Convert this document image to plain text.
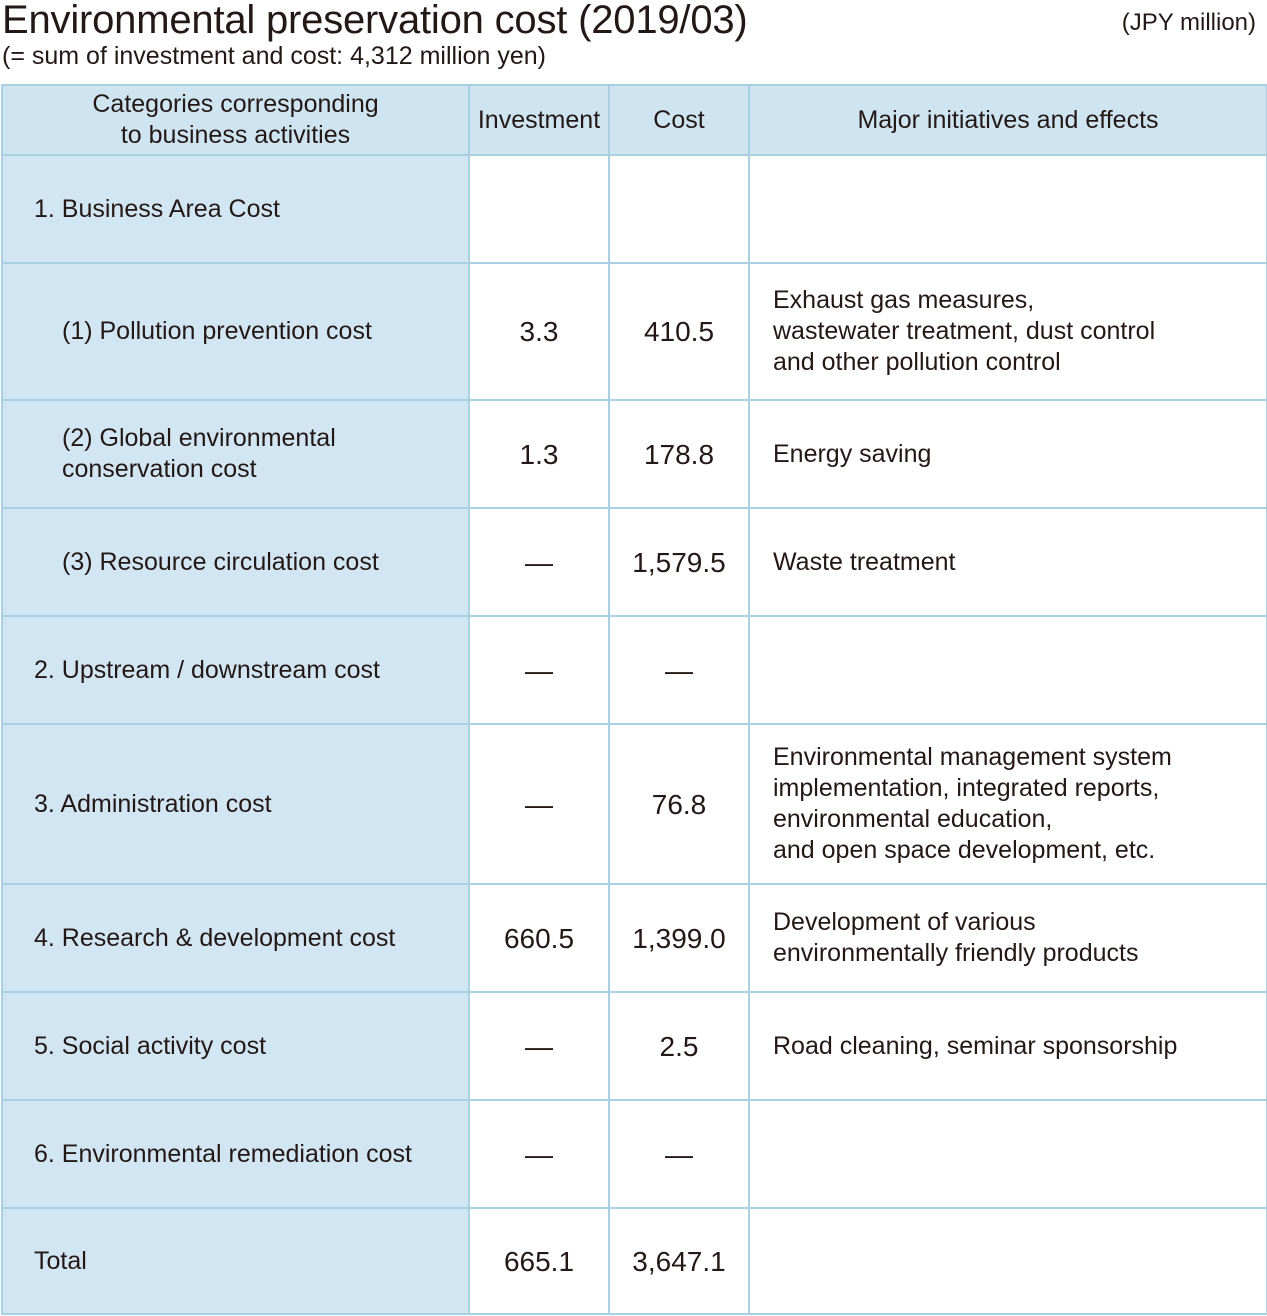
Environmental preservation cost (2019/03)
(= sum of investment and cost: 4,312 million yen)
(JPY million)
Categories corresponding
to business activities	Investment	Cost	Major initiatives and effects
1. Business Area Cost			
(1) Pollution prevention cost	3.3	410.5	Exhaust gas measures,
wastewater treatment, dust control
and other pollution control

(2) Global environmental
conservation cost	1.3	178.8	Energy saving

(3) Resource circulation cost	—	1,579.5	Waste treatment

2. Upstream / downstream cost	—	—	
3. Administration cost	—	76.8	Environmental management system
implementation, integrated reports,
environmental education,
and open space development, etc.

4. Research & development cost	660.5	1,399.0	Development of various
environmentally friendly products

5. Social activity cost	—	2.5	Road cleaning, seminar sponsorship

6. Environmental remediation cost	—	—	
Total	665.1	3,647.1	
